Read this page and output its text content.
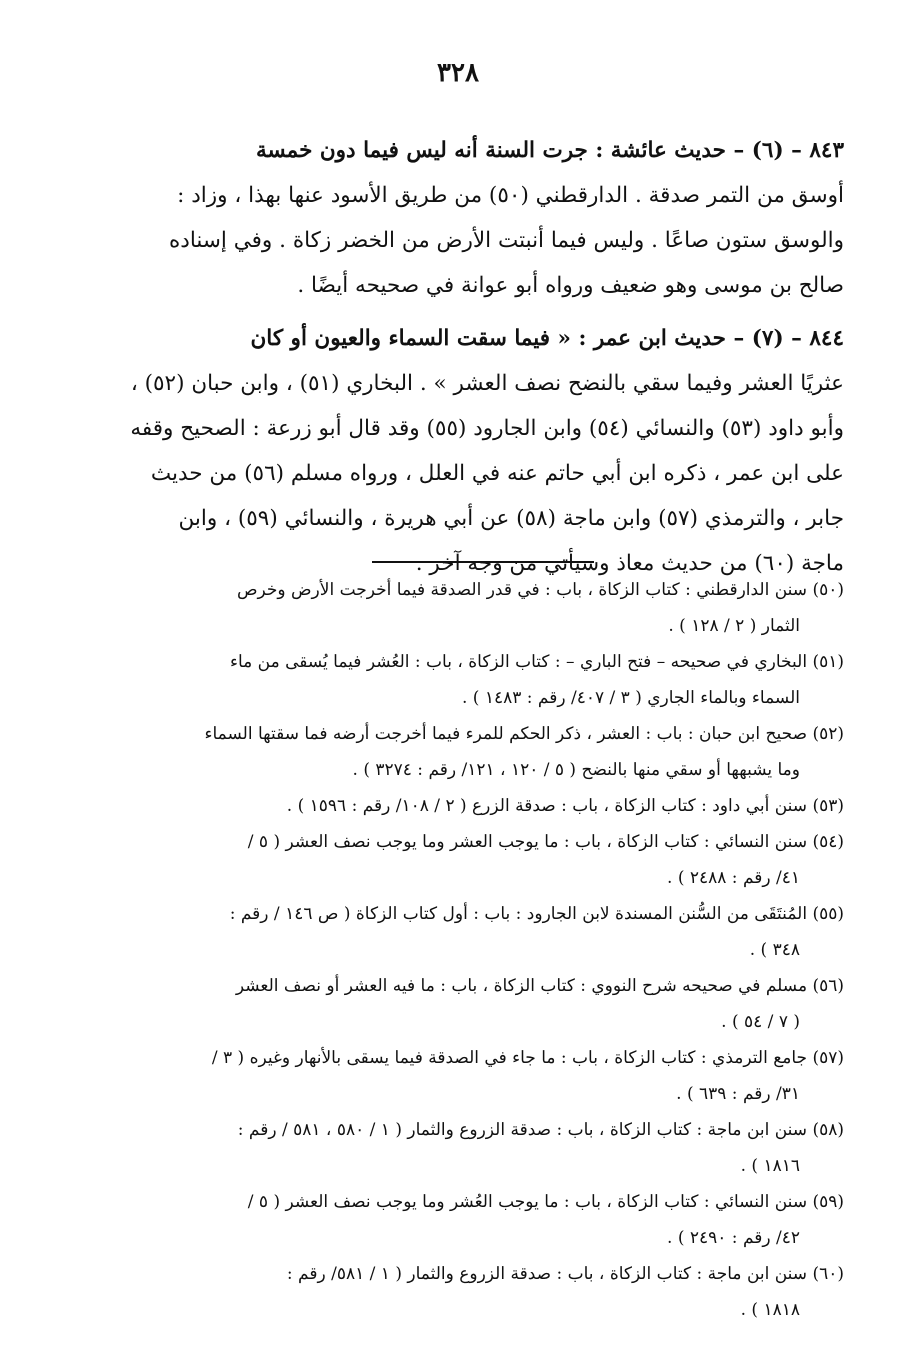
٣٢٨
٨٤٣ – (٦) – حديث عائشة : جرت السنة أنه ليس فيما دون خمسة
أوسق من التمر صدقة . الدارقطني (٥٠) من طريق الأسود عنها بهذا ، وزاد :
والوسق ستون صاعًا . وليس فيما أنبتت الأرض من الخضر زكاة . وفي إسناده
صالح بن موسى وهو ضعيف ورواه أبو عوانة في صحيحه أيضًا .
٨٤٤ – (٧) – حديث ابن عمر : « فيما سقت السماء والعيون أو كان
عثريًا العشر وفيما سقي بالنضح نصف العشر » . البخاري (٥١) ، وابن حبان (٥٢) ،
وأبو داود (٥٣) والنسائي (٥٤) وابن الجارود (٥٥) وقد قال أبو زرعة : الصحيح وقفه
على ابن عمر ، ذكره ابن أبي حاتم عنه في العلل ، ورواه مسلم (٥٦) من حديث
جابر ، والترمذي (٥٧) وابن ماجة (٥٨) عن أبي هريرة ، والنسائي (٥٩) ، وابن
ماجة (٦٠) من حديث معاذ وسيأتي من وجه آخر .
(٥٠) سنن الدارقطني : كتاب الزكاة ، باب : في قدر الصدقة فيما أخرجت الأرض وخرص
الثمار ( ٢ / ١٢٨ ) .
(٥١) البخاري في صحيحه – فتح الباري – : كتاب الزكاة ، باب : العُشر فيما يُسقى من ماء
السماء وبالماء الجاري ( ٣ / ٤٠٧/ رقم : ١٤٨٣ ) .
(٥٢) صحيح ابن حبان : باب : العشر ، ذكر الحكم للمرء فيما أخرجت أرضه فما سقتها السماء
وما يشبهها أو سقي منها بالنضح ( ٥ / ١٢٠ ، ١٢١/ رقم : ٣٢٧٤ ) .
(٥٣) سنن أبي داود : كتاب الزكاة ، باب : صدقة الزرع ( ٢ / ١٠٨/ رقم : ١٥٩٦ ) .
(٥٤) سنن النسائي : كتاب الزكاة ، باب : ما يوجب العشر وما يوجب نصف العشر ( ٥ /
٤١/ رقم : ٢٤٨٨ ) .
(٥٥) المُنتَقَى من السُّنن المسندة لابن الجارود : باب : أول كتاب الزكاة ( ص ١٤٦ / رقم :
٣٤٨ ) .
(٥٦) مسلم في صحيحه شرح النووي : كتاب الزكاة ، باب : ما فيه العشر أو نصف العشر
( ٧ / ٥٤ ) .
(٥٧) جامع الترمذي : كتاب الزكاة ، باب : ما جاء في الصدقة فيما يسقى بالأنهار وغيره ( ٣ /
٣١/ رقم : ٦٣٩ ) .
(٥٨) سنن ابن ماجة : كتاب الزكاة ، باب : صدقة الزروع والثمار ( ١ / ٥٨٠ ، ٥٨١ / رقم :
١٨١٦ ) .
(٥٩) سنن النسائي : كتاب الزكاة ، باب : ما يوجب العُشر وما يوجب نصف العشر ( ٥ /
٤٢/ رقم : ٢٤٩٠ ) .
(٦٠) سنن ابن ماجة : كتاب الزكاة ، باب : صدقة الزروع والثمار ( ١ / ٥٨١/ رقم :
١٨١٨ ) .
